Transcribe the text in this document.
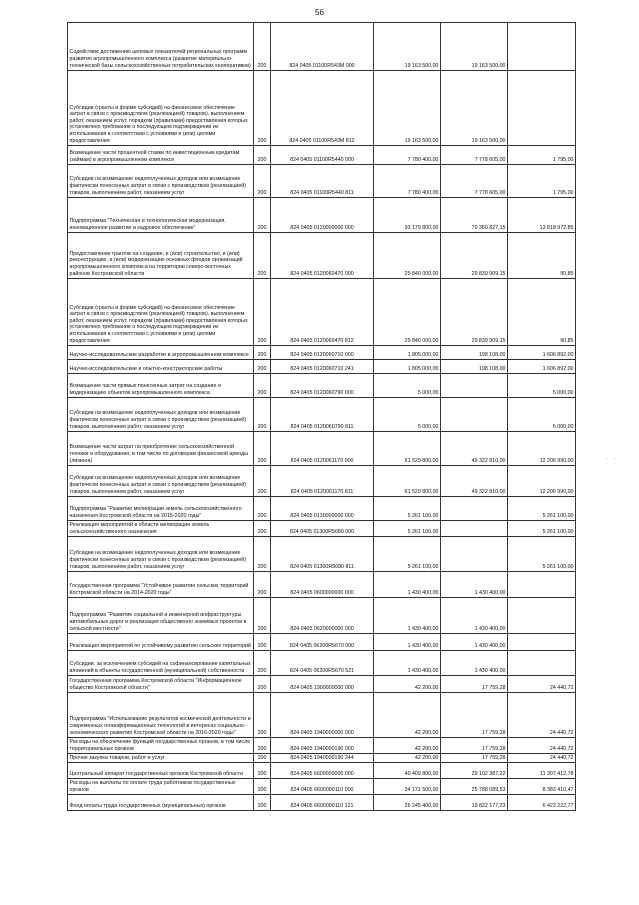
56
Содействие достижению целевых показателей региональных программ развития агропромышленного комплекса (развитие материально-технической базы сельскохозяйственных потребительских кооперативов)	200	824 0405 01100R543M 000	19 163 500,00	19 163 500,00	
Субсидии (гранты в форме субсидий) на финансовое обеспечение затрат в связи с производством (реализацией) товаров), выполнением работ, оказанием услуг, порядком (правилами) предоставления которых установлено требование о последующем подтверждении их использования в соответствии с условиями и (или) целями предоставления	200	824 0405 01100R543M 812	19 163 500,00	19 163 500,00	
Возмещение части процентной ставки по инвестиционным кредитам (займам) в агропромышленном комплексе	200	824 0405 01100R5440 000	7 780 400,00	7 778 605,00	1 795,00
Субсидии на возмещение недополученных доходов или возмещение фактически понесенных затрат в связи с производством (реализацией) товаров, выполнением работ, оказанием услуг	200	824 0405 01100R5440 811	7 780 400,00	7 778 605,00	1 795,00
Подпрограмма "Техническая и технологическая модернизация, инновационное развитие и кадровое обеспечение"	200	824 0405 0120000000 000	93 179 800,00	79 360 827,15	13 818 972,85
Предоставление грантов на создание, и (или) строительство, и (или) реконструкцию, и (или) модернизацию основных фондов организаций агропромышленного комплекса на территории северо-восточных районов Костромской области	200	824 0405 0120060470 000	29 840 000,00	29 839 909,15	90,85
Субсидии (гранты в форме субсидий) на финансовое обеспечение затрат в связи с производством (реализацией) товаров), выполнением работ, оказанием услуг, порядком (правилами) предоставления которых установлено требование о последующем подтверждении их использования в соответствии с условиями и (или) целями предоставления	200	824 0405 0120060470 812	29 840 000,00	29 839 909,15	90,85
Научно-исследовательские разработки в агропромышленном комплексе	200	824 0405 0120060710 000	1 805 000,00	198 108,00	1 606 892,00
Научно-исследовательские и опытно-конструкторские работы	200	824 0405 0120060710 241	1 805 000,00	198 108,00	1 606 892,00
Возмещение части прямых понесенных затрат на создание и модернизацию объектов агропромышленного комплекса	200	824 0405 0120060790 000	5 000,00		5 000,00
Субсидии на возмещение недополученных доходов или возмещение фактически понесенных затрат в связи с производством (реализацией) товаров, выполнением работ, оказанием услуг	200	824 0405 0120060790 811	5 000,00		5 000,00
Возмещение части затрат на приобретение сельскохозяйственной техники и оборудования, в том числе по договорам финансовой аренды (лизинга)	200	824 0405 0120061170 000	61 529 800,00	49 322 810,00	12 206 990,00
Субсидии на возмещение недополученных доходов или возмещение фактически понесенных затрат в связи с производством (реализацией) товаров, выполнением работ, оказанием услуг	200	824 0405 0120061170 811	61 529 800,00	49 322 810,00	12 206 990,00
Подпрограмма "Развитие мелиорации земель сельскохозяйственного назначения Костромской области на 2015-2020 годы"	200	824 0405 0130000000 000	5 261 100,00		5 261 100,00
Реализация мероприятий в области мелиорации земель сельскохозяйственного назначения	200	824 0405 01300R5680 000	5 261 100,00		5 261 100,00
Субсидии на возмещение недополученных доходов или возмещение фактически понесенных затрат в связи с производством (реализацией) товаров, выполнением работ, оказанием услуг	200	824 0405 01300R5680 811	5 261 100,00		5 261 100,00
Государственная программа "Устойчивое развитие сельских территорий Костромской области на 2014-2020 годы"	200	824 0405 0600000000 000	1 430 400,00	1 430 400,00	
Подпрограмма "Развитие социальной и инженерной инфраструктуры, автомобильных дорог и реализация общественно значимых проектов в сельской местности"	200	824 0405 0620000000 000	1 430 400,00	1 430 400,00	
Реализация мероприятий по устойчивому развитию сельских территорий	200	824 0405 06200R5670 000	1 430 400,00	1 430 400,00	
Субсидии, за исключением субсидий на софинансирование капитальных вложений в объекты государственной (муниципальной) собственности	200	824 0405 06200R5670 521	1 430 400,00	1 430 400,00	
Государственная программа Костромской области "Информационное общество Костромской области"	200	824 0405 1900000000 000	42 200,00	17 759,28	24 440,72
Подпрограмма "Использование результатов космической деятельности и современных геоинформационных технологий в интересах социально-экономического развития Костромской области на 2016-2020 годы"	200	824 0405 1940000000 000	42 200,00	17 759,28	24 440,72
Расходы на обеспечение функций государственных органов, в том числе территориальных органов	200	824 0405 1940000190 000	42 200,00	17 759,28	24 440,72
Прочая закупка товаров, работ и услуг	200	824 0405 1940000190 244	42 200,00	17 759,28	24 440,72
Центральный аппарат государственных органов Костромской области	200	824 0405 6600000000 000	40 409 800,00	29 102 387,22	11 307 412,78
Расходы на выплаты по оплате труда работников государственных органов	200	824 0405 6600000110 000	34 171 500,00	25 788 089,53	8 383 410,47
Фонд оплаты труда государственных (муниципальных) органов	200	824 0405 6600000110 121	26 245 400,00	19 822 177,23	6 423 222,77
· ·
